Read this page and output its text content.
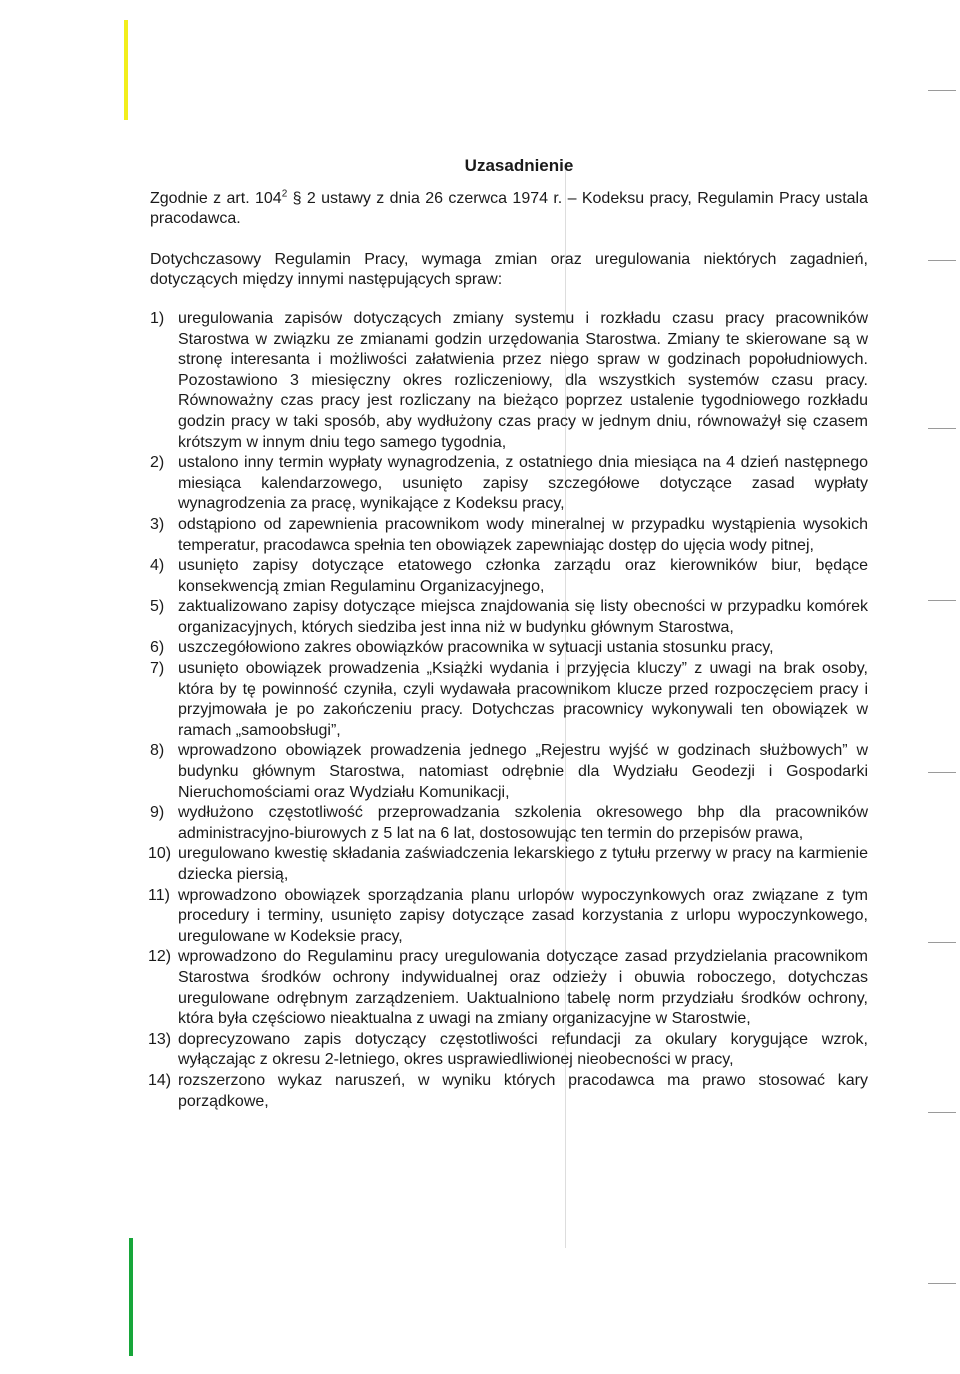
Uzasadnienie

Zgodnie z art. $104^2$ § 2 ustawy z dnia 26 czerwca 1974 r. – Kodeksu pracy, Regulamin Pracy ustala pracodawca.

Dotychczasowy Regulamin Pracy, wymaga zmian oraz uregulowania niektórych zagadnień, dotyczących między innymi następujących spraw:

1) uregulowania zapisów dotyczących zmiany systemu i rozkładu czasu pracy pracowników Starostwa w związku ze zmianami godzin urzędowania Starostwa. Zmiany te skierowane są w stronę interesanta i możliwości załatwienia przez niego spraw w godzinach popołudniowych. Pozostawiono 3 miesięczny okres rozliczeniowy, dla wszystkich systemów czasu pracy. Równoważny czas pracy jest rozliczany na bieżąco poprzez ustalenie tygodniowego rozkładu godzin pracy w taki sposób, aby wydłużony czas pracy w jednym dniu, równoważył się czasem krótszym w innym dniu tego samego tygodnia,
2) ustalono inny termin wypłaty wynagrodzenia, z ostatniego dnia miesiąca na 4 dzień następnego miesiąca kalendarzowego, usunięto zapisy szczegółowe dotyczące zasad wypłaty wynagrodzenia za pracę, wynikające z Kodeksu pracy,
3) odstąpiono od zapewnienia pracownikom wody mineralnej w przypadku wystąpienia wysokich temperatur, pracodawca spełnia ten obowiązek zapewniając dostęp do ujęcia wody pitnej,
4) usunięto zapisy dotyczące etatowego członka zarządu oraz kierowników biur, będące konsekwencją zmian Regulaminu Organizacyjnego,
5) zaktualizowano zapisy dotyczące miejsca znajdowania się listy obecności w przypadku komórek organizacyjnych, których siedziba jest inna niż w budynku głównym Starostwa,
6) uszczegółowiono zakres obowiązków pracownika w sytuacji ustania stosunku pracy,
7) usunięto obowiązek prowadzenia „Książki wydania i przyjęcia kluczy” z uwagi na brak osoby, która by tę powinność czyniła, czyli wydawała pracownikom klucze przed rozpoczęciem pracy i przyjmowała je po zakończeniu pracy. Dotychczas pracownicy wykonywali ten obowiązek w ramach „samoobsługi”,
8) wprowadzono obowiązek prowadzenia jednego „Rejestru wyjść w godzinach służbowych” w budynku głównym Starostwa, natomiast odrębnie dla Wydziału Geodezji i Gospodarki Nieruchomościami oraz Wydziału Komunikacji,
9) wydłużono częstotliwość przeprowadzania szkolenia okresowego bhp dla pracowników administracyjno-biurowych z 5 lat na 6 lat, dostosowując ten termin do przepisów prawa,
10) uregulowano kwestię składania zaświadczenia lekarskiego z tytułu przerwy w pracy na karmienie dziecka piersią,
11) wprowadzono obowiązek sporządzania planu urlopów wypoczynkowych oraz związane z tym procedury i terminy, usunięto zapisy dotyczące zasad korzystania z urlopu wypoczynkowego, uregulowane w Kodeksie pracy,
12) wprowadzono do Regulaminu pracy uregulowania dotyczące zasad przydzielania pracownikom Starostwa środków ochrony indywidualnej oraz odzieży i obuwia roboczego, dotychczas uregulowane odrębnym zarządzeniem. Uaktualniono tabelę norm przydziału środków ochrony, która była częściowo nieaktualna z uwagi na zmiany organizacyjne w Starostwie,
13) doprecyzowano zapis dotyczący częstotliwości refundacji za okulary korygujące wzrok, wyłączając z okresu 2-letniego, okres usprawiedliwionej nieobecności w pracy,
14) rozszerzono wykaz naruszeń, w wyniku których pracodawca ma prawo stosować kary porządkowe,
